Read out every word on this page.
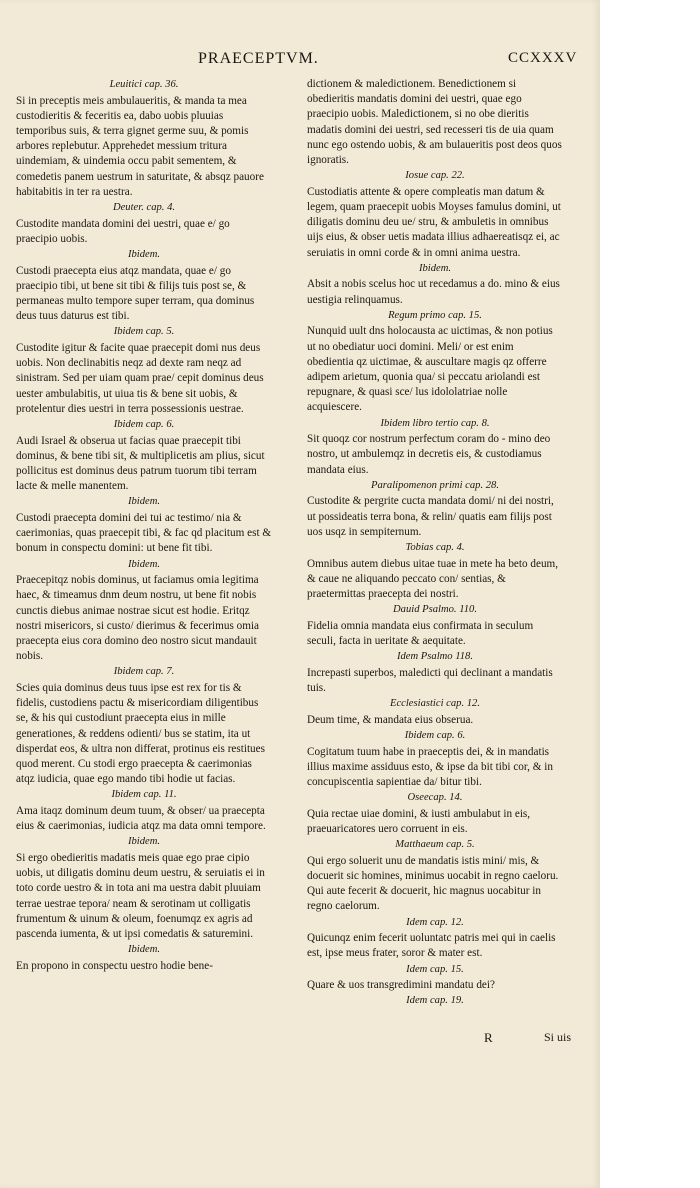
PRAECEPTVM.	CCXXXV
Leuitici cap. 36.
Si in preceptis meis ambulaueritis, & manda ta mea custodieritis & feceritis ea, dabo uobis pluuias temporibus suis, & terra gignet germe suu, & pomis arbores replebutur. Apprehedet messium tritura uindemiam, & uindemia occu pabit sementem, & comedetis panem uestrum in saturitate, & absqz pauore habitabitis in ter ra uestra.
Deuter. cap. 4.
Custodite mandata domini dei uestri, quae e/ go praecipio uobis.
Ibidem.
Custodi praecepta eius atqz mandata, quae e/ go praecipio tibi, ut bene sit tibi & filijs tuis post se, & permaneas multo tempore super terram, qua dominus deus tuus daturus est tibi.
Ibidem cap. 5.
Custodite igitur & facite quae praecepit domi nus deus uobis. Non declinabitis neqz ad dexte ram neqz ad sinistram. Sed per uiam quam prae/ cepit dominus deus uester ambulabitis, ut uiua tis & bene sit uobis, & protelentur dies uestri in terra possessionis uestrae.
Ibidem cap. 6.
Audi Israel & obserua ut facias quae praecepit tibi dominus, & bene tibi sit, & multiplicetis am plius, sicut pollicitus est dominus deus patrum tuorum tibi terram lacte & melle manentem.
Ibidem.
Custodi praecepta domini dei tui ac testimo/ nia & caerimonias, quas praecepit tibi, & fac qd placitum est & bonum in conspectu domini: ut bene fit tibi.
Ibidem.
Praecepitqz nobis dominus, ut faciamus omia legitima haec, & timeamus dnm deum nostru, ut bene fit nobis cunctis diebus animae nostrae sicut est hodie. Eritqz nostri misericors, si custo/ dierimus & fecerimus omia praecepta eius cora domino deo nostro sicut mandauit nobis.
Ibidem cap. 7.
Scies quia dominus deus tuus ipse est rex for tis & fidelis, custodiens pactu & misericordiam diligentibus se, & his qui custodiunt praecepta eius in mille generationes, & reddens odienti/ bus se statim, ita ut disperdat eos, & ultra non differat, protinus eis restitues quod merent. Cu stodi ergo praecepta & caerimonias atqz iudicia, quae ego mando tibi hodie ut facias.
Ibidem cap. 11.
Ama itaqz dominum deum tuum, & obser/ ua praecepta eius & caerimonias, iudicia atqz ma data omni tempore.
Ibidem.
Si ergo obedieritis madatis meis quae ego prae cipio uobis, ut diligatis dominu deum uestru, & seruiatis ei in toto corde uestro & in tota ani ma uestra dabit pluuiam terrae uestrae tepora/ neam & serotinam ut colligatis frumentum & uinum & oleum, foenumqz ex agris ad pascenda iumenta, & ut ipsi comedatis & saturemini.
Ibidem.
En propono in conspectu uestro hodie bene-
dictionem & maledictionem. Benedictionem si obedieritis mandatis domini dei uestri, quae ego praecipio uobis. Maledictionem, si no obe dieritis madatis domini dei uestri, sed recesseri tis de uia quam nunc ego ostendo uobis, & am bulaueritis post deos quos ignoratis.
Iosue cap. 22.
Custodiatis attente & opere compleatis man datum & legem, quam praecepit uobis Moyses famulus domini, ut diligatis dominu deu ue/ stru, & ambuletis in omnibus uijs eius, & obser uetis madata illius adhaereatisqz ei, ac seruiatis in omni corde & in omni anima uestra.
Ibidem.
Absit a nobis scelus hoc ut recedamus a do. mino & eius uestigia relinquamus.
Regum primo cap. 15.
Nunquid uult dns holocausta ac uictimas, & non potius ut no obediatur uoci domini. Meli/ or est enim obedientia qz uictimae, & auscultare magis qz offerre adipem arietum, quonia qua/ si peccatu ariolandi est repugnare, & quasi sce/ lus idololatriae nolle acquiescere.
Ibidem libro tertio cap. 8.
Sit quoqz cor nostrum perfectum coram do - mino deo nostro, ut ambulemqz in decretis eis, & custodiamus mandata eius.
Paralipomenon primi cap. 28.
Custodite & pergrite cucta mandata domi/ ni dei nostri, ut possideatis terra bona, & relin/ quatis eam filijs post uos usqz in sempiternum.
Tobias cap. 4.
Omnibus autem diebus uitae tuae in mete ha beto deum, & caue ne aliquando peccato con/ sentias, & praetermittas praecepta dei nostri.
Dauid Psalmo. 110.
Fidelia omnia mandata eius confirmata in seculum seculi, facta in ueritate & aequitate.
Idem Psalmo 118.
Increpasti superbos, maledicti qui declinant a mandatis tuis.
Ecclesiastici cap. 12.
Deum time, & mandata eius obserua.
Ibidem cap. 6.
Cogitatum tuum habe in praeceptis dei, & in mandatis illius maxime assiduus esto, & ipse da bit tibi cor, & in concupiscentia sapientiae da/ bitur tibi.
Oseecap. 14.
Quia rectae uiae domini, & iusti ambulabut in eis, praeuaricatores uero corruent in eis.
Matthaeum cap. 5.
Qui ergo soluerit unu de mandatis istis mini/ mis, & docuerit sic homines, minimus uocabit in regno caeloru. Qui aute fecerit & docuerit, hic magnus uocabitur in regno caelorum.
Idem cap. 12.
Quicunqz enim fecerit uoluntatc patris mei qui in caelis est, ipse meus frater, soror & mater est.
Idem cap. 15.
Quare & uos transgredimini mandatu dei?
Idem cap. 19.
R	Si uis
